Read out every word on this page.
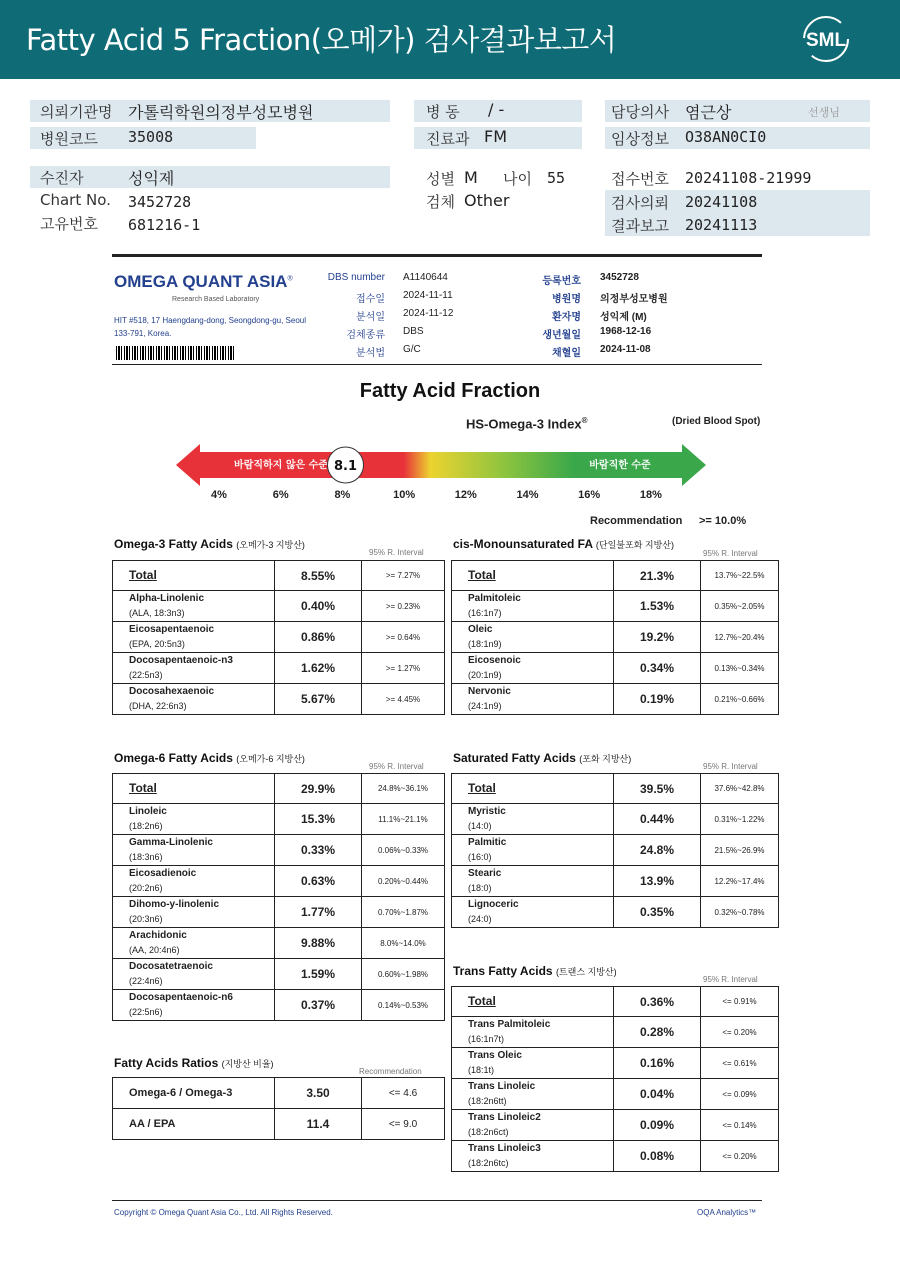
Fatty Acid 5 Fraction(오메가) 검사결과보고서	SML
의뢰기관명 가톨릭학원의정부성모병원
병원코드 35008
병 동 / -
진료과 FM
담당의사 염근상	선생님
임상정보 O38AN0CI0
수진자	성익제
Chart No. 3452728
고유번호 681216-1
성별 M 나이 55
검체 Other
접수번호 20241108-21999
검사의뢰 20241108
결과보고 20241113
OMEGA QUANT ASIA®
Research Based Laboratory
HIT #518, 17 Haengdang-dong, Seongdong-gu, Seoul 133-791, Korea.
DBS number A1140644
접수일 2024-11-11
분석일 2024-11-12
검체종류 DBS
분석법 G/C
등록번호 3452728
병원명 의정부성모병원
환자명 성익제 (M)
생년월일 1968-12-16
채혈일 2024-11-08
Fatty Acid Fraction
HS-Omega-3 Index®	(Dried Blood Spot)
바람직하지 않은 수준	바람직한 수준
8.1
4%	6%	8%	10%	12%	14%	16%	18%
Recommendation >= 10.0%
Omega-3 Fatty Acids (오메가-3 지방산)
95% R. Interval
cis-Monounsaturated FA (단일불포화 지방산)
95% R. Interval
Omega-6 Fatty Acids (오메가-6 지방산)
95% R. Interval
Saturated Fatty Acids (포화 지방산)
95% R. Interval
Trans Fatty Acids (트랜스 지방산)
95% R. Interval
Fatty Acids Ratios (지방산 비율)
Recommendation
Total	8.55%	>= 7.27%

Alpha-Linolenic
(ALA, 18:3n3)	0.40%	>= 0.23%

Eicosapentaenoic
(EPA, 20:5n3)	0.86%	>= 0.64%

Docosapentaenoic-n3
(22:5n3)	1.62%	>= 1.27%

Docosahexaenoic
(DHA, 22:6n3)	5.67%	>= 4.45%
Total	21.3%	13.7%~22.5%

Palmitoleic
(16:1n7)	1.53%	0.35%~2.05%

Oleic
(18:1n9)	19.2%	12.7%~20.4%

Eicosenoic
(20:1n9)	0.34%	0.13%~0.34%

Nervonic
(24:1n9)	0.19%	0.21%~0.66%
Total	29.9%	24.8%~36.1%

Linoleic
(18:2n6)	15.3%	11.1%~21.1%

Gamma-Linolenic
(18:3n6)	0.33%	0.06%~0.33%

Eicosadienoic
(20:2n6)	0.63%	0.20%~0.44%

Dihomo-y-linolenic
(20:3n6)	1.77%	0.70%~1.87%

Arachidonic
(AA, 20:4n6)	9.88%	8.0%~14.0%

Docosatetraenoic
(22:4n6)	1.59%	0.60%~1.98%

Docosapentaenoic-n6
(22:5n6)	0.37%	0.14%~0.53%
Total	39.5%	37.6%~42.8%

Myristic
(14:0)	0.44%	0.31%~1.22%

Palmitic
(16:0)	24.8%	21.5%~26.9%

Stearic
(18:0)	13.9%	12.2%~17.4%

Lignoceric
(24:0)	0.35%	0.32%~0.78%
Total	0.36%	<= 0.91%

Trans Palmitoleic
(16:1n7t)	0.28%	<= 0.20%

Trans Oleic
(18:1t)	0.16%	<= 0.61%

Trans Linoleic
(18:2n6tt)	0.04%	<= 0.09%

Trans Linoleic2
(18:2n6ct)	0.09%	<= 0.14%

Trans Linoleic3
(18:2n6tc)	0.08%	<= 0.20%
Omega-6 / Omega-3	3.50	<= 4.6

AA / EPA	11.4	<= 9.0
Copyright © Omega Quant Asia Co., Ltd. All Rights Reserved.	OQA Analytics™
